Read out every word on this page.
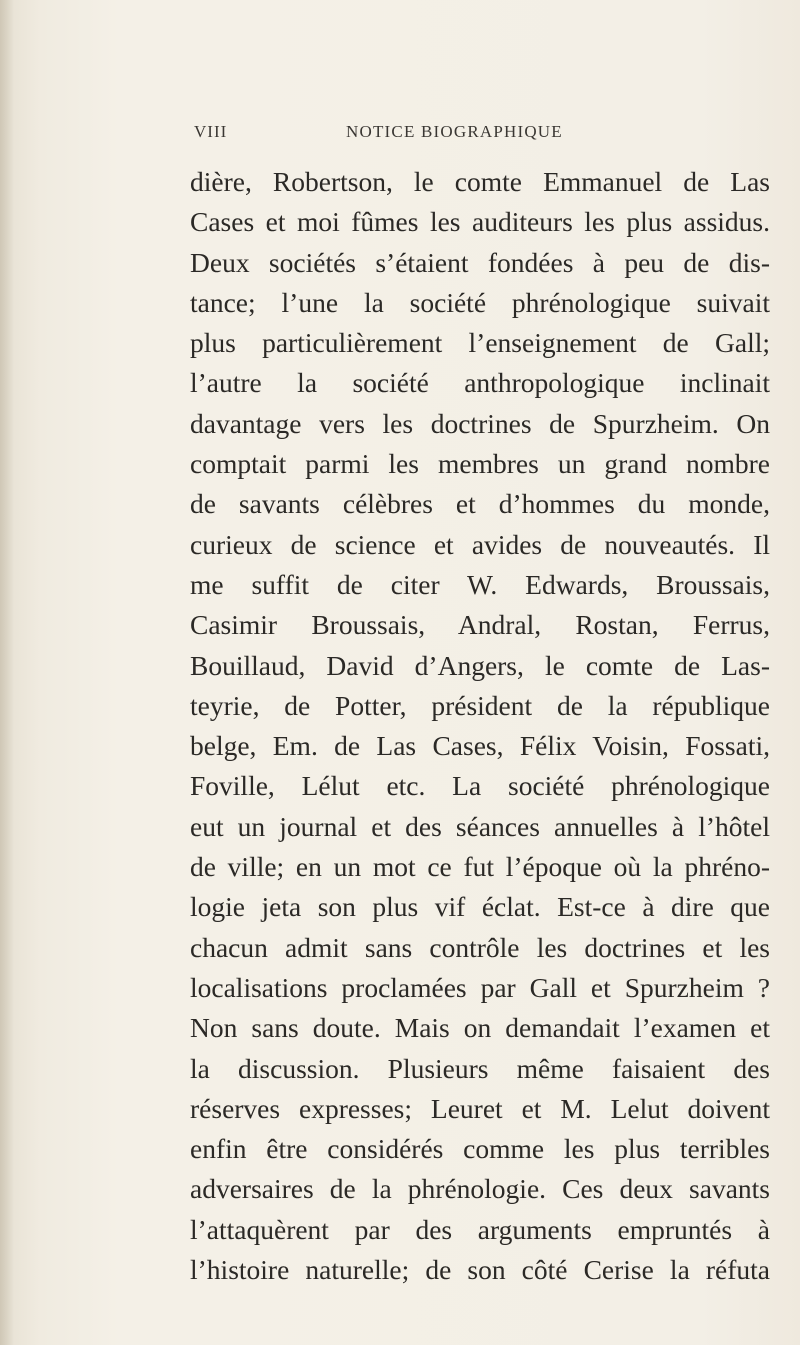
VIII	NOTICE BIOGRAPHIQUE
dière, Robertson, le comte Emmanuel de Las
Cases et moi fûmes les auditeurs les plus assidus.
Deux sociétés s’étaient fondées à peu de dis-
tance; l’une la société phrénologique suivait
plus particulièrement l’enseignement de Gall;
l’autre la société anthropologique inclinait
davantage vers les doctrines de Spurzheim. On
comptait parmi les membres un grand nombre
de savants célèbres et d’hommes du monde,
curieux de science et avides de nouveautés. Il
me suffit de citer W. Edwards, Broussais,
Casimir Broussais, Andral, Rostan, Ferrus,
Bouillaud, David d’Angers, le comte de Las-
teyrie, de Potter, président de la république
belge, Em. de Las Cases, Félix Voisin, Fossati,
Foville, Lélut etc. La société phrénologique
eut un journal et des séances annuelles à l’hôtel
de ville; en un mot ce fut l’époque où la phréno-
logie jeta son plus vif éclat. Est-ce à dire que
chacun admit sans contrôle les doctrines et les
localisations proclamées par Gall et Spurzheim ?
Non sans doute. Mais on demandait l’examen et
la discussion. Plusieurs même faisaient des
réserves expresses; Leuret et M. Lelut doivent
enfin être considérés comme les plus terribles
adversaires de la phrénologie. Ces deux savants
l’attaquèrent par des arguments empruntés à
l’histoire naturelle; de son côté Cerise la réfuta
